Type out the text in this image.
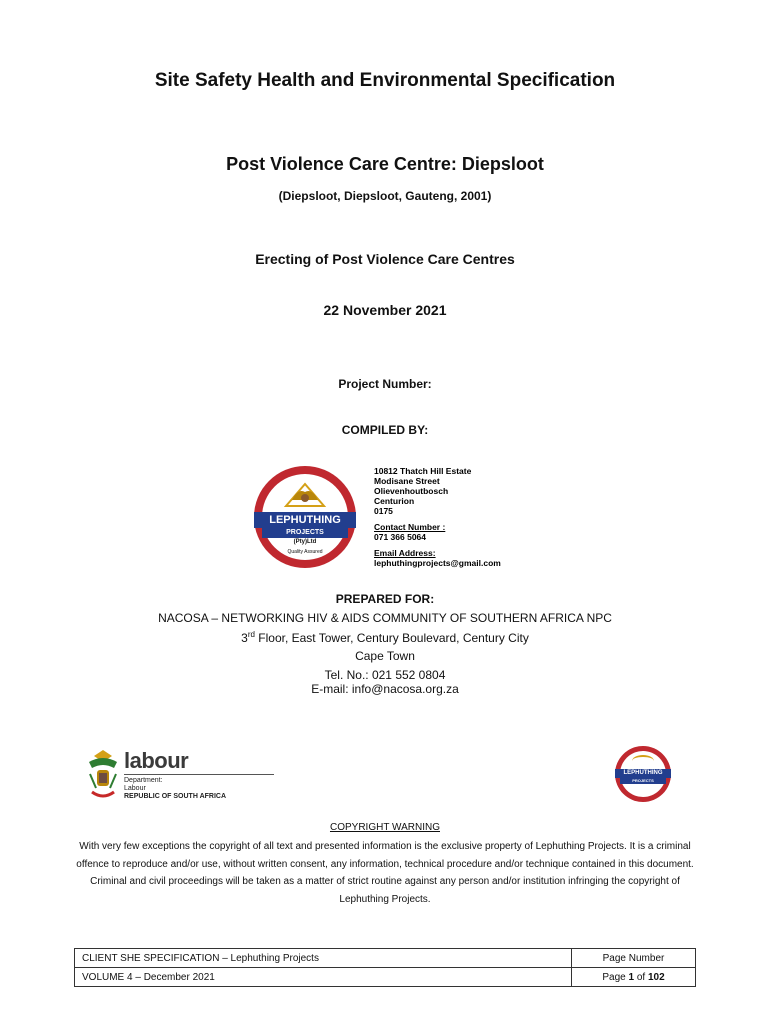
Site Safety Health and Environmental Specification
Post Violence Care Centre: Diepsloot
(Diepsloot, Diepsloot, Gauteng, 2001)
Erecting of Post Violence Care Centres
22 November 2021
Project Number:
COMPILED BY:
LEPHUTHING
PROJECTS
(Pty)Ltd
Quality Assured
10812 Thatch Hill Estate
Modisane Street
Olievenhoutbosch
Centurion
0175
Contact Number :
071 366 5064
Email Address:
lephuthingprojects@gmail.com
PREPARED FOR:
NACOSA – NETWORKING HIV & AIDS COMMUNITY OF SOUTHERN AFRICA NPC
3rd Floor, East Tower, Century Boulevard, Century City
Cape Town
Tel. No.: 021 552 0804
E-mail: info@nacosa.org.za
labour
Department:
Labour
REPUBLIC OF SOUTH AFRICA
LEPHUTHING
PROJECTS
COPYRIGHT WARNING
With very few exceptions the copyright of all text and presented information is the exclusive property of Lephuthing Projects. It is a criminal offence to reproduce and/or use, without written consent, any information, technical procedure and/or technique contained in this document. Criminal and civil proceedings will be taken as a matter of strict routine against any person and/or institution infringing the copyright of Lephuthing Projects.
CLIENT SHE SPECIFICATION – Lephuthing Projects	Page Number
VOLUME 4 – December 2021	Page 1 of 102
